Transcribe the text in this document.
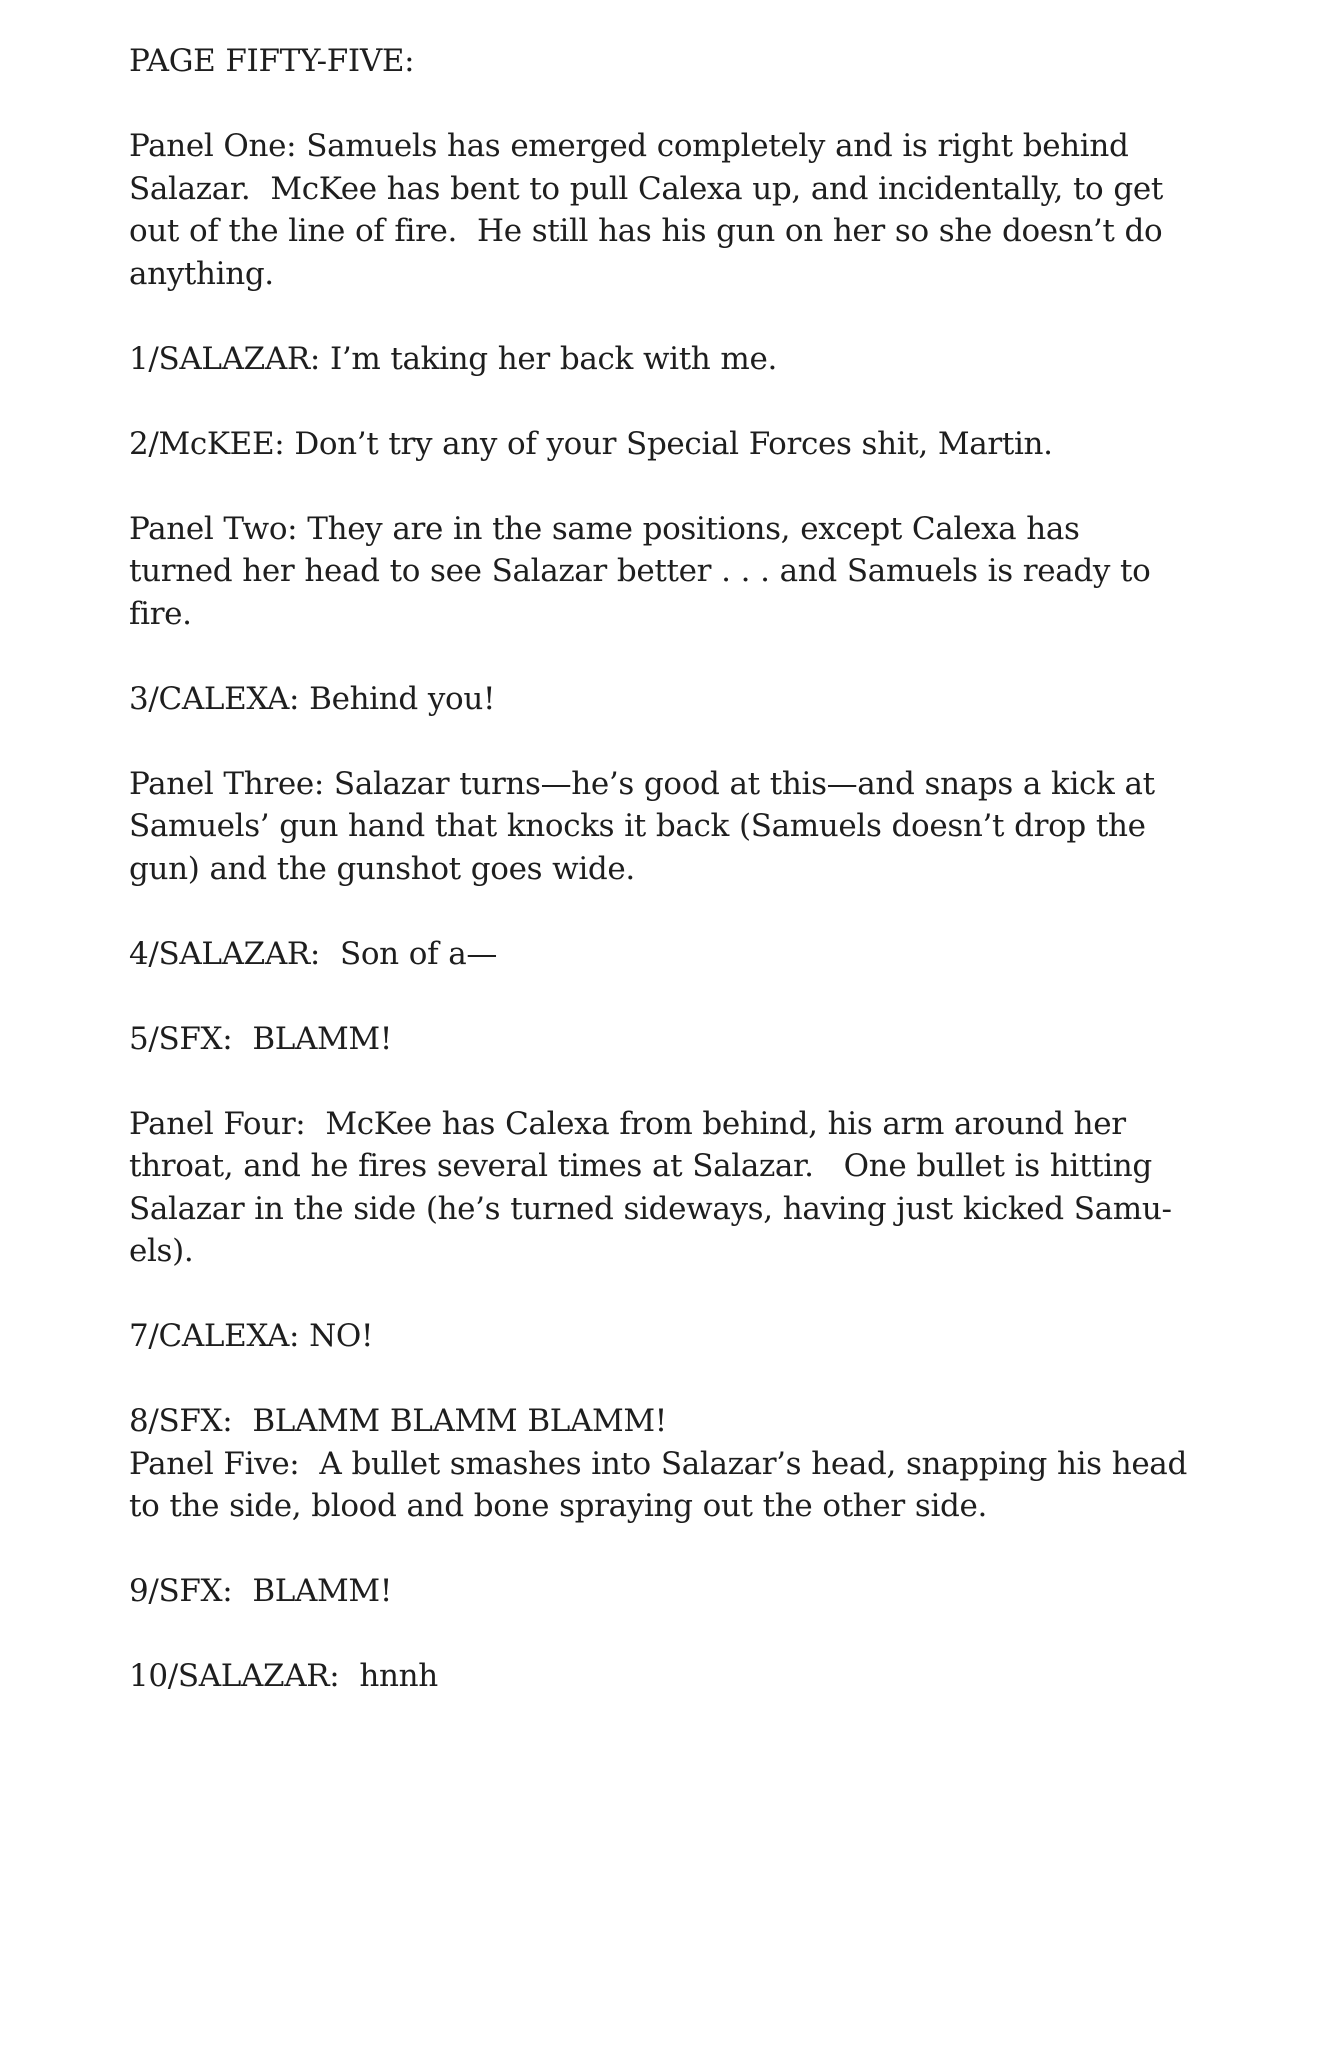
PAGE FIFTY-FIVE:
Panel One: Samuels has emerged completely and is right behind
Salazar.  McKee has bent to pull Calexa up, and incidentally, to get
out of the line of fire.  He still has his gun on her so she doesn’t do
anything.
1/SALAZAR: I’m taking her back with me.
2/McKEE: Don’t try any of your Special Forces shit, Martin.
Panel Two: They are in the same positions, except Calexa has
turned her head to see Salazar better . . . and Samuels is ready to
fire.
3/CALEXA: Behind you!
Panel Three: Salazar turns—he’s good at this—and snaps a kick at
Samuels’ gun hand that knocks it back (Samuels doesn’t drop the
gun) and the gunshot goes wide.
4/SALAZAR:  Son of a—
5/SFX:  BLAMM!
Panel Four:  McKee has Calexa from behind, his arm around her
throat, and he fires several times at Salazar.   One bullet is hitting
Salazar in the side (he’s turned sideways, having just kicked Samu-
els).
7/CALEXA: NO!
8/SFX:  BLAMM BLAMM BLAMM!
Panel Five:  A bullet smashes into Salazar’s head, snapping his head
to the side, blood and bone spraying out the other side.
9/SFX:  BLAMM!
10/SALAZAR:  hnnh
